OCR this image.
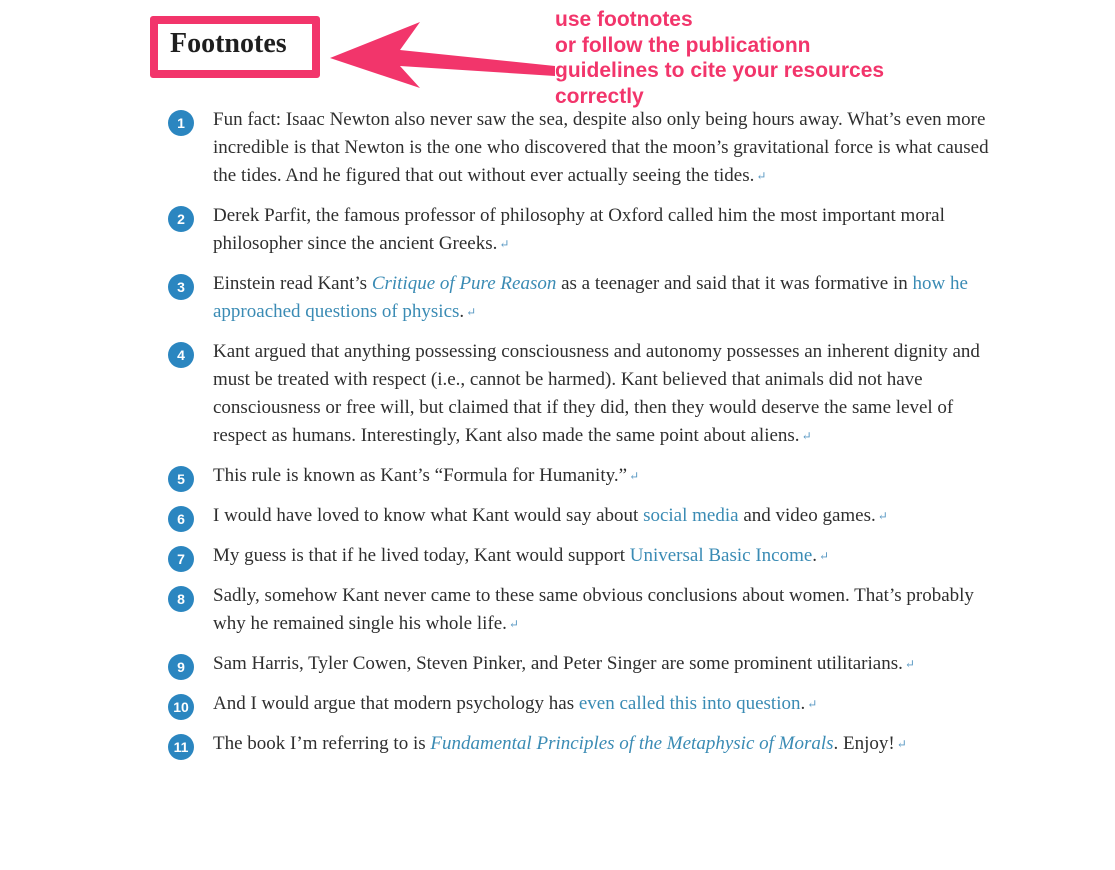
Footnotes
use footnotes
or follow the publicationn
guidelines to cite your resources
correctly
1	Fun fact: Isaac Newton also never saw the sea, despite also only being hours away. What’s even more incredible is that Newton is the one who discovered that the moon’s gravitational force is what caused the tides. And he figured that out without ever actually seeing the tides. ↵
2	Derek Parfit, the famous professor of philosophy at Oxford called him the most important moral philosopher since the ancient Greeks. ↵
3	Einstein read Kant’s Critique of Pure Reason as a teenager and said that it was formative in how he approached questions of physics. ↵
4	Kant argued that anything possessing consciousness and autonomy possesses an inherent dignity and must be treated with respect (i.e., cannot be harmed). Kant believed that animals did not have consciousness or free will, but claimed that if they did, then they would deserve the same level of respect as humans. Interestingly, Kant also made the same point about aliens. ↵
5	This rule is known as Kant’s “Formula for Humanity.” ↵
6	I would have loved to know what Kant would say about social media and video games. ↵
7	My guess is that if he lived today, Kant would support Universal Basic Income. ↵
8	Sadly, somehow Kant never came to these same obvious conclusions about women. That’s probably why he remained single his whole life. ↵
9	Sam Harris, Tyler Cowen, Steven Pinker, and Peter Singer are some prominent utilitarians. ↵
10 And I would argue that modern psychology has even called this into question. ↵
11 The book I’m referring to is Fundamental Principles of the Metaphysic of Morals. Enjoy! ↵
